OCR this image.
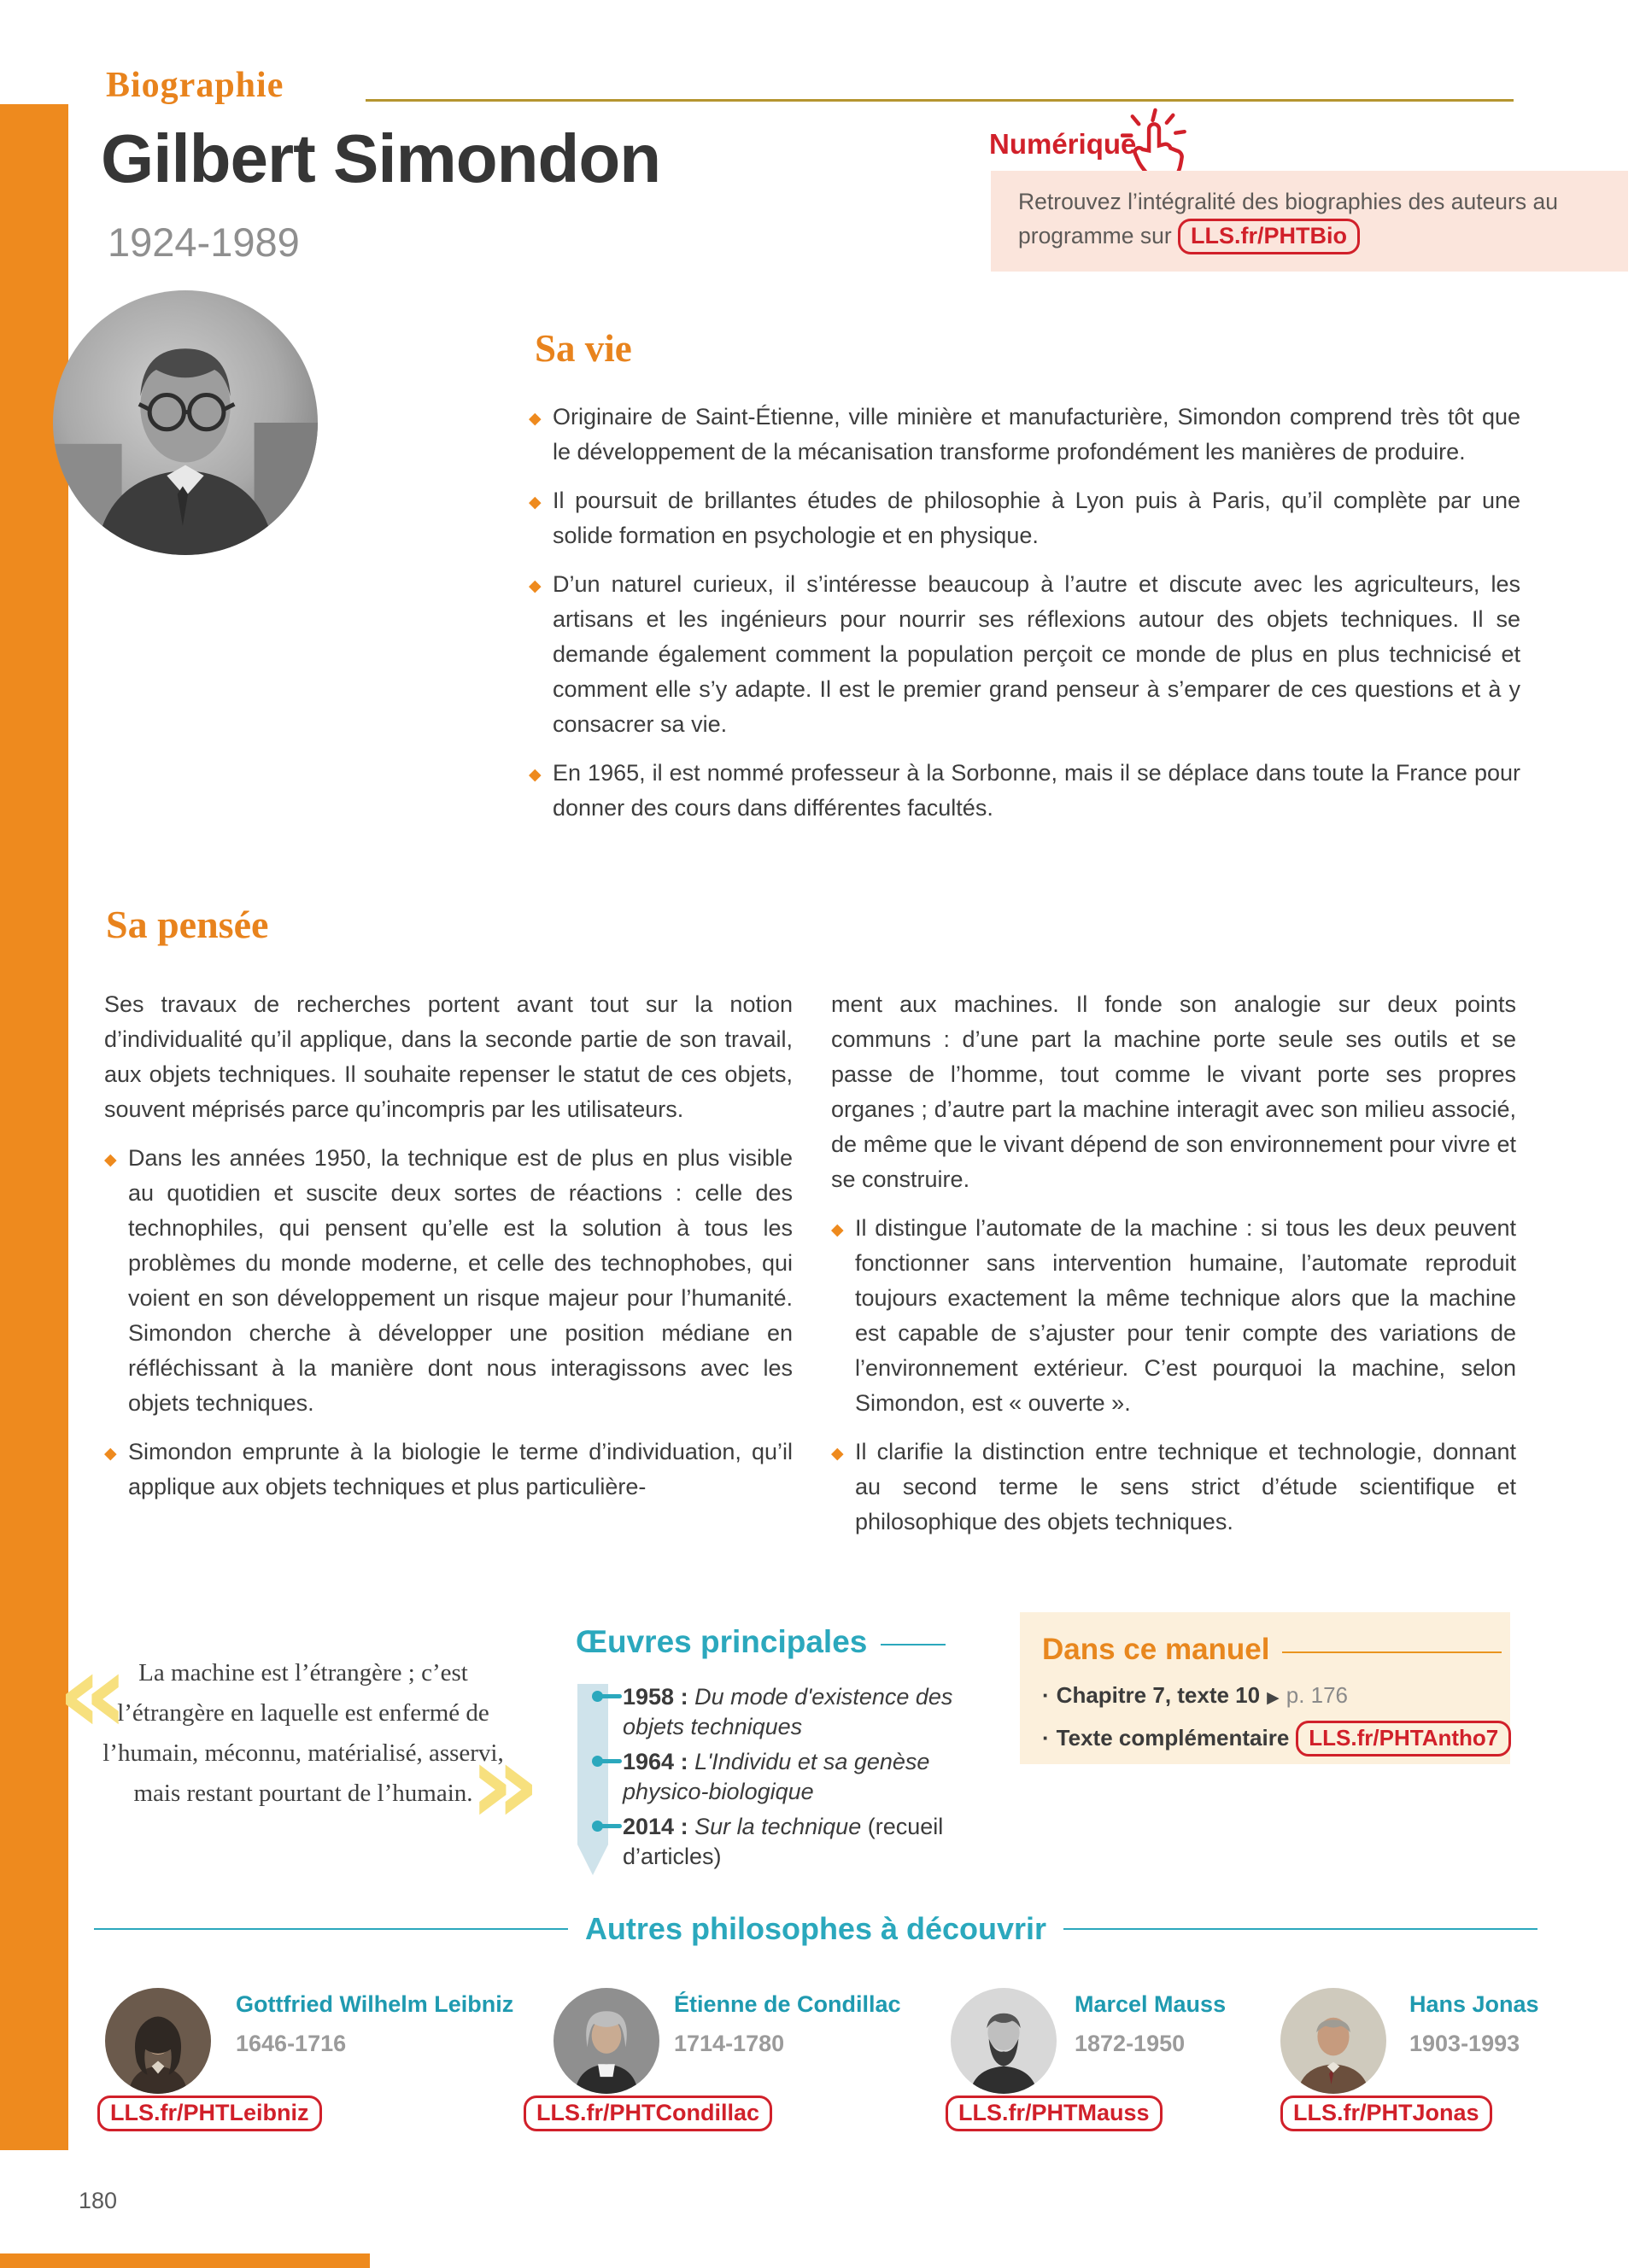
Biographie
Gilbert Simondon
1924-1989
Numérique
Retrouvez l’intégralité des biographies des auteurs au programme sur LLS.fr/PHTBio
Sa vie

◆ Originaire de Saint-Étienne, ville minière et manufacturière, Simondon comprend très tôt que le développement de la mécanisation transforme profondément les manières de produire.

◆ Il poursuit de brillantes études de philosophie à Lyon puis à Paris, qu’il complète par une solide formation en psychologie et en physique.

◆ D’un naturel curieux, il s’intéresse beaucoup à l’autre et discute avec les agriculteurs, les artisans et les ingénieurs pour nourrir ses réflexions autour des objets techniques. Il se demande également comment la population perçoit ce monde de plus en plus technicisé et comment elle s’y adapte. Il est le premier grand penseur à s’emparer de ces questions et à y consacrer sa vie.

◆ En 1965, il est nommé professeur à la Sorbonne, mais il se déplace dans toute la France pour donner des cours dans différentes facultés.

Sa pensée

Ses travaux de recherches portent avant tout sur la notion d’individualité qu’il applique, dans la seconde partie de son travail, aux objets techniques. Il souhaite repenser le statut de ces objets, souvent méprisés parce qu’incompris par les utilisateurs.

◆ Dans les années 1950, la technique est de plus en plus visible au quotidien et suscite deux sortes de réactions : celle des technophiles, qui pensent qu’elle est la solution à tous les problèmes du monde moderne, et celle des technophobes, qui voient en son développement un risque majeur pour l’humanité. Simondon cherche à développer une position médiane en réfléchissant à la manière dont nous interagissons avec les objets techniques.

◆ Simondon emprunte à la biologie le terme d’individuation, qu’il applique aux objets techniques et plus particulière-

ment aux machines. Il fonde son analogie sur deux points communs : d’une part la machine porte seule ses outils et se passe de l’homme, tout comme le vivant porte ses propres organes ; d’autre part la machine interagit avec son milieu associé, de même que le vivant dépend de son environnement pour vivre et se construire.

◆ Il distingue l’automate de la machine : si tous les deux peuvent fonctionner sans intervention humaine, l’automate reproduit toujours exactement la même technique alors que la machine est capable de s’ajuster pour tenir compte des variations de l’environnement extérieur. C’est pourquoi la machine, selon Simondon, est « ouverte ».

◆ Il clarifie la distinction entre technique et technologie, donnant au second terme le sens strict d’étude scientifique et philosophique des objets techniques.

« La machine est l’étrangère ; c’est l’étrangère en laquelle est enfermé de l’humain, méconnu, matérialisé, asservi, mais restant pourtant de l’humain.
»
Œuvres principales
1958 : Du mode d'existence des objets techniques
1964 : L'Individu et sa genèse physico-biologique
2014 : Sur la technique (recueil d’articles)
Dans ce manuel
· Chapitre 7, texte 10 ▶ p. 176
· Texte complémentaire LLS.fr/PHTAntho7
Autres philosophes à découvrir
Gottfried Wilhelm Leibniz
1646-1716
LLS.fr/PHTLeibniz
Étienne de Condillac
1714-1780
LLS.fr/PHTCondillac
Marcel Mauss
1872-1950
LLS.fr/PHTMauss
Hans Jonas
1903-1993
LLS.fr/PHTJonas
180
